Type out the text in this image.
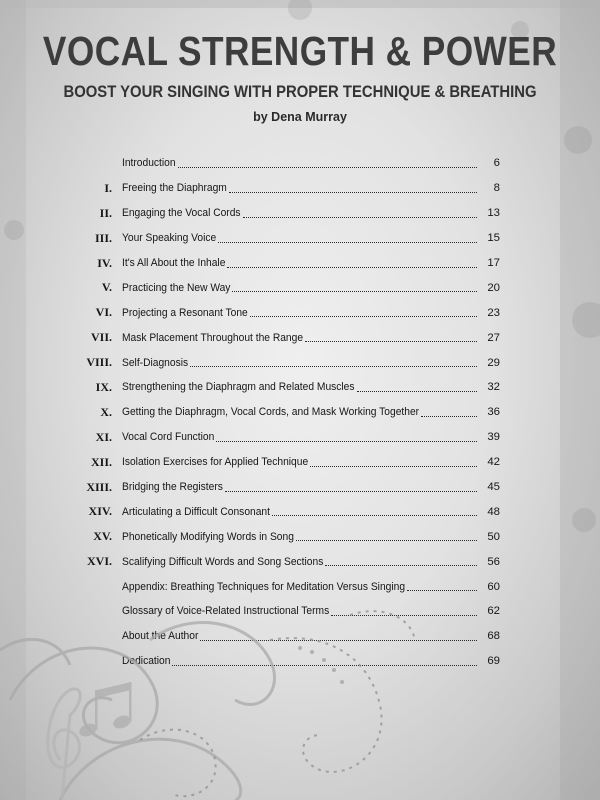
VOCAL STRENGTH & POWER
BOOST YOUR SINGING WITH PROPER TECHNIQUE & BREATHING
by Dena Murray
Introduction	6
I. Freeing the Diaphragm	8
II. Engaging the Vocal Cords	13
III. Your Speaking Voice	15
IV. It's All About the Inhale	17
V. Practicing the New Way	20
VI. Projecting a Resonant Tone	23
VII. Mask Placement Throughout the Range	27
VIII. Self-Diagnosis	29
IX. Strengthening the Diaphragm and Related Muscles	32
X. Getting the Diaphragm, Vocal Cords, and Mask Working Together	36
XI. Vocal Cord Function	39
XII. Isolation Exercises for Applied Technique	42
XIII. Bridging the Registers	45
XIV. Articulating a Difficult Consonant	48
XV. Phonetically Modifying Words in Song	50
XVI. Scalifying Difficult Words and Song Sections	56
Appendix: Breathing Techniques for Meditation Versus Singing	60
Glossary of Voice-Related Instructional Terms	62
About the Author	68
Dedication	69
